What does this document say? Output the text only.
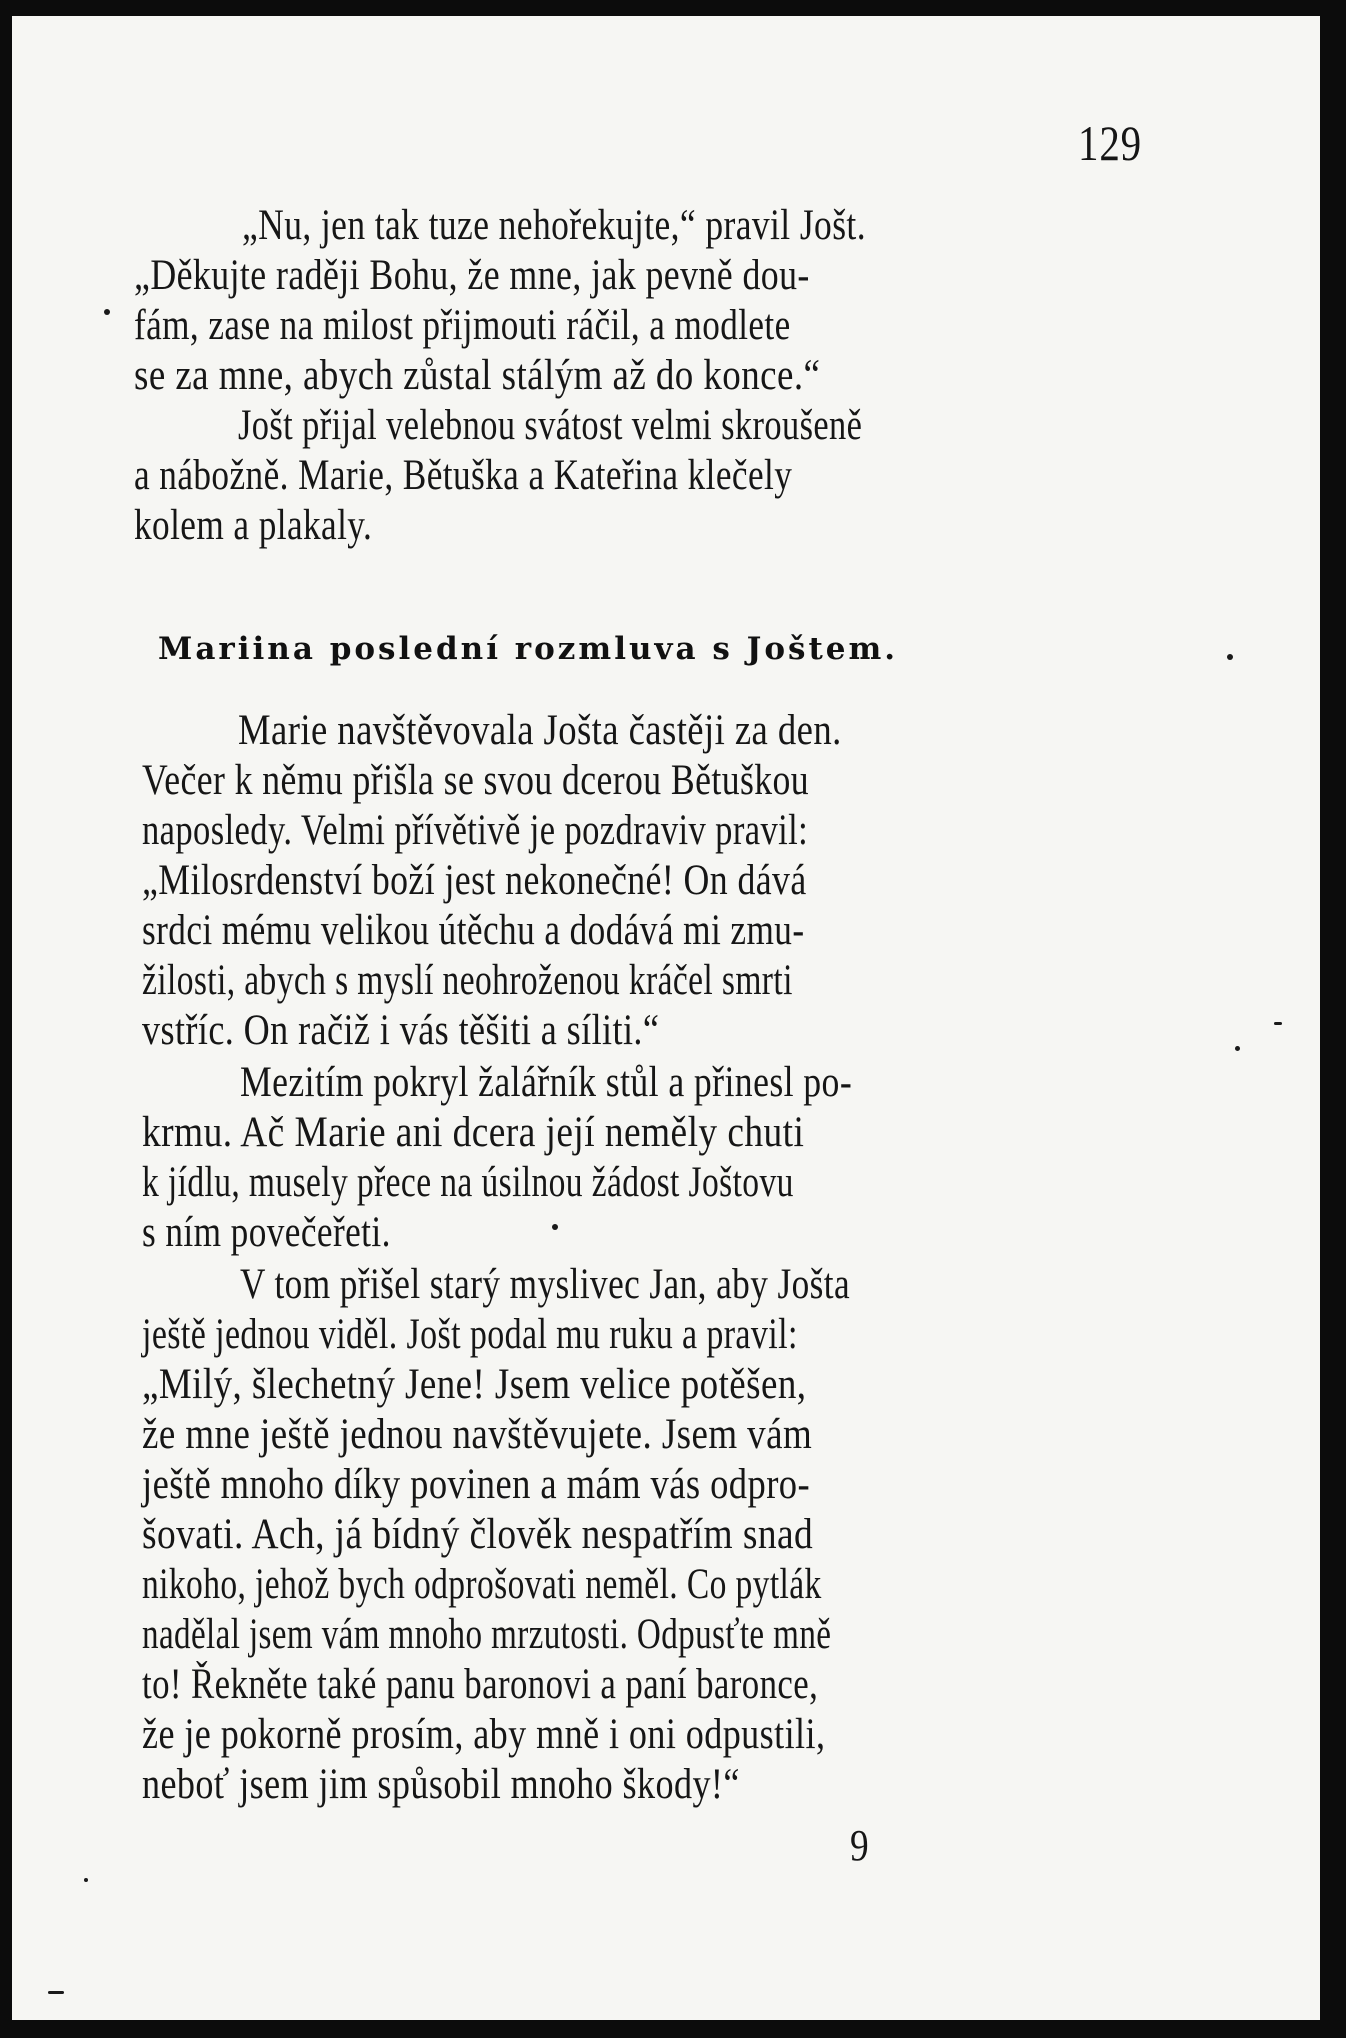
129
„Nu, jen tak tuze nehořekujte,“ pravil Jošt.
„Děkujte raději Bohu, že mne, jak pevně dou-
fám, zase na milost přijmouti ráčil, a modlete
se za mne, abych zůstal stálým až do konce.“
Jošt přijal velebnou svátost velmi skroušeně
a nábožně. Marie, Bětuška a Kateřina klečely
kolem a plakaly.
Mariina poslední rozmluva s Joštem.
Marie navštěvovala Jošta častěji za den.
Večer k němu přišla se svou dcerou Bětuškou
naposledy. Velmi přívětivě je pozdraviv pravil:
„Milosrdenství boží jest nekonečné! On dává
srdci mému velikou útěchu a dodává mi zmu-
žilosti, abych s myslí neohroženou kráčel smrti
vstříc. On račiž i vás těšiti a síliti.“
Mezitím pokryl žalářník stůl a přinesl po-
krmu. Ač Marie ani dcera její neměly chuti
k jídlu, musely přece na úsilnou žádost Joštovu
s ním povečeřeti.
V tom přišel starý myslivec Jan, aby Jošta
ještě jednou viděl. Jošt podal mu ruku a pravil:
„Milý, šlechetný Jene! Jsem velice potěšen,
že mne ještě jednou navštěvujete. Jsem vám
ještě mnoho díky povinen a mám vás odpro-
šovati. Ach, já bídný člověk nespatřím snad
nikoho, jehož bych odprošovati neměl. Co pytlák
nadělal jsem vám mnoho mrzutosti. Odpusťte mně
to! Řekněte také panu baronovi a paní baronce,
že je pokorně prosím, aby mně i oni odpustili,
neboť jsem jim spůsobil mnoho škody!“
9
